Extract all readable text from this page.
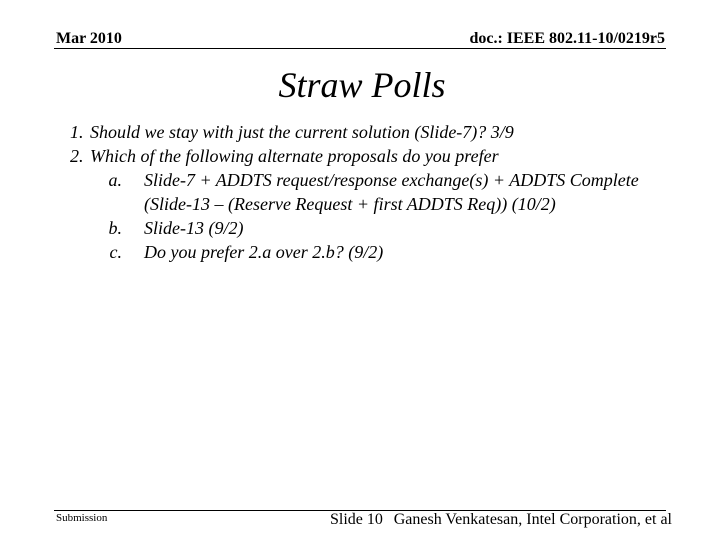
Mar 2010	doc.: IEEE 802.11-10/0219r5
Straw Polls
1. Should we stay with just the current solution (Slide-7)? 3/9
2. Which of the following alternate proposals do you prefer
a. Slide-7 + ADDTS request/response exchange(s) + ADDTS Complete (Slide-13 – (Reserve Request + first ADDTS Req)) (10/2)
b. Slide-13 (9/2)
c. Do you prefer 2.a over 2.b? (9/2)
Submission	Slide 10 Ganesh Venkatesan, Intel Corporation, et al
